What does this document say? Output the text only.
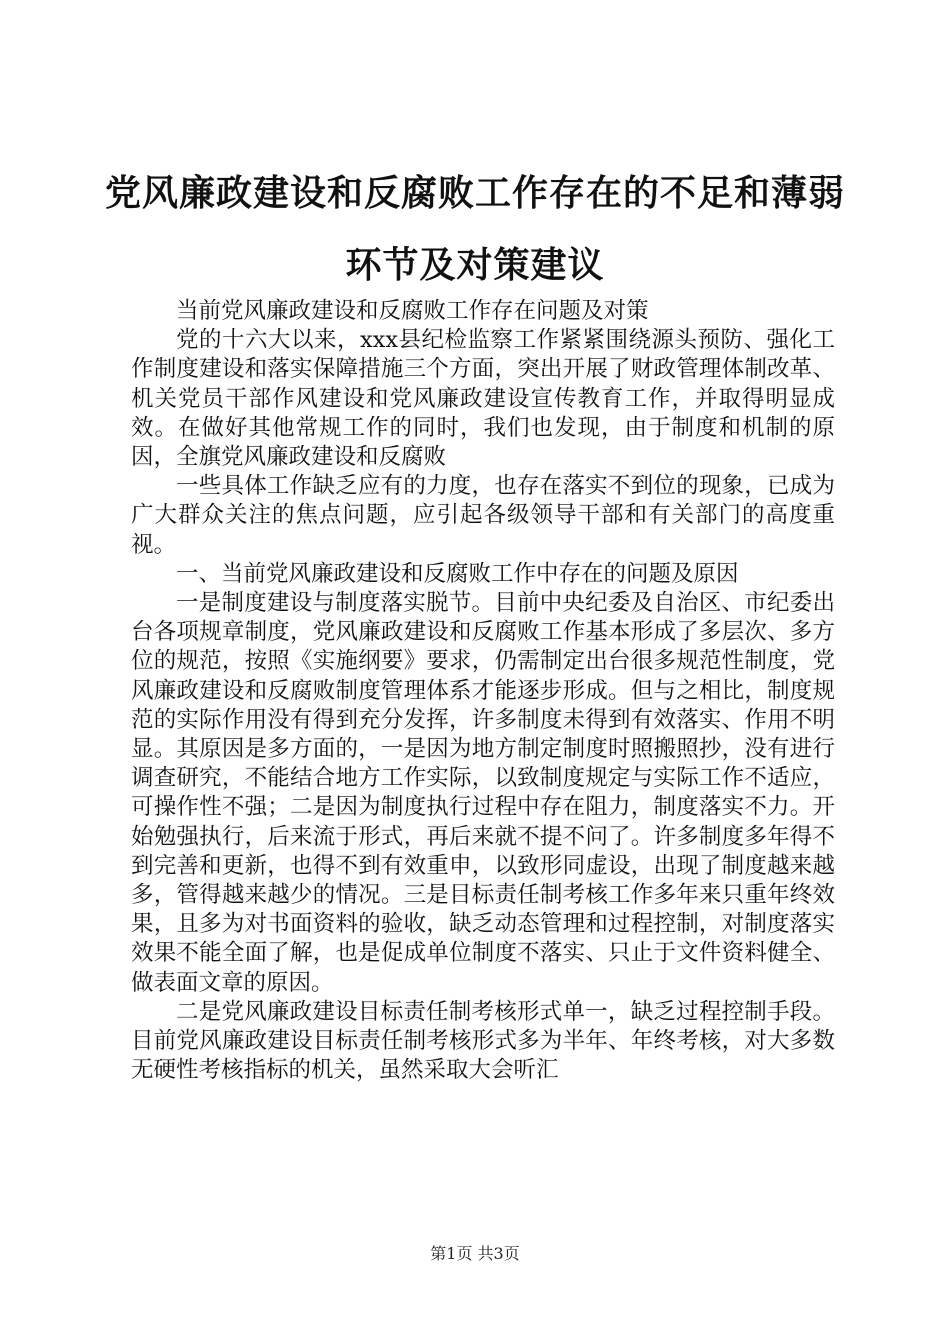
党风廉政建设和反腐败工作存在的不足和薄弱
环节及对策建议

当前党风廉政建设和反腐败工作存在问题及对策

党的十六大以来，xxx县纪检监察工作紧紧围绕源头预防、强化工作制度建设和落实保障措施三个方面，突出开展了财政管理体制改革、机关党员干部作风建设和党风廉政建设宣传教育工作，并取得明显成效。在做好其他常规工作的同时，我们也发现，由于制度和机制的原因，全旗党风廉政建设和反腐败

一些具体工作缺乏应有的力度，也存在落实不到位的现象，已成为广大群众关注的焦点问题，应引起各级领导干部和有关部门的高度重视。

一、当前党风廉政建设和反腐败工作中存在的问题及原因

一是制度建设与制度落实脱节。目前中央纪委及自治区、市纪委出台各项规章制度，党风廉政建设和反腐败工作基本形成了多层次、多方位的规范，按照《实施纲要》要求，仍需制定出台很多规范性制度，党风廉政建设和反腐败制度管理体系才能逐步形成。但与之相比，制度规范的实际作用没有得到充分发挥，许多制度未得到有效落实、作用不明显。其原因是多方面的，一是因为地方制定制度时照搬照抄，没有进行调查研究，不能结合地方工作实际，以致制度规定与实际工作不适应，可操作性不强；二是因为制度执行过程中存在阻力，制度落实不力。开始勉强执行，后来流于形式，再后来就不提不问了。许多制度多年得不到完善和更新，也得不到有效重申，以致形同虚设，出现了制度越来越多，管得越来越少的情况。三是目标责任制考核工作多年来只重年终效果，且多为对书面资料的验收，缺乏动态管理和过程控制，对制度落实效果不能全面了解，也是促成单位制度不落实、只止于文件资料健全、做表面文章的原因。

二是党风廉政建设目标责任制考核形式单一，缺乏过程控制手段。目前党风廉政建设目标责任制考核形式多为半年、年终考核，对大多数无硬性考核指标的机关，虽然采取大会听汇

第1页 共3页
